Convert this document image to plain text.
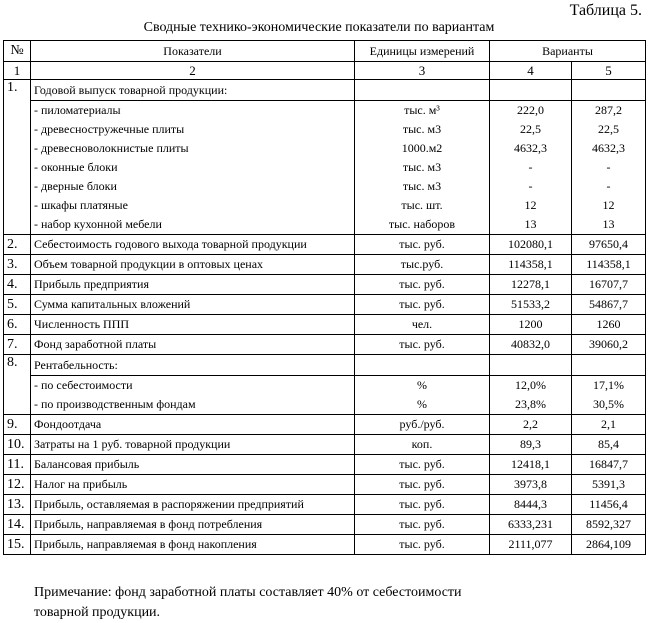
Таблица 5.
Сводные технико-экономические показатели по вариантам
№	Показатели	Единицы измерений	Варианты	
1	2	3	4	5
1.	Годовой выпуск товарной продукции:			
	- пиломатериалы	тыс. м³	222,0	287,2
	- древесностружечные плиты	тыс. м3	22,5	22,5
	- древесноволокнистые плиты	1000.м2	4632,3	4632,3
	- оконные блоки	тыс. м3	-	-
	- дверные блоки	тыс. м3	-	-
	- шкафы платяные	тыс. шт.	12	12
	- набор кухонной мебели	тыс. наборов	13	13
2.	Себестоимость годового выхода товарной продукции	тыс. руб.	102080,1	97650,4
3.	Объем товарной продукции в оптовых ценах	тыс.руб.	114358,1	114358,1
4.	Прибыль предприятия	тыс. руб.	12278,1	16707,7
5.	Сумма капитальных вложений	тыс. руб.	51533,2	54867,7
6.	Численность ППП	чел.	1200	1260
7.	Фонд заработной платы	тыс. руб.	40832,0	39060,2
8.	Рентабельность:			
	- по себестоимости	%	12,0%	17,1%
	- по производственным фондам	%	23,8%	30,5%
9.	Фондоотдача	руб./руб.	2,2	2,1
10.	Затраты на 1 руб. товарной продукции	коп.	89,3	85,4
11.	Балансовая прибыль	тыс. руб.	12418,1	16847,7
12.	Налог на прибыль	тыс. руб.	3973,8	5391,3
13.	Прибыль, оставляемая в распоряжении предприятий	тыс. руб.	8444,3	11456,4
14.	Прибыль, направляемая в фонд потребления	тыс. руб.	6333,231	8592,327
15.	Прибыль, направляемая в фонд накопления	тыс. руб.	2111,077	2864,109
Примечание: фонд заработной платы составляет 40% от себестоимости
товарной продукции.
